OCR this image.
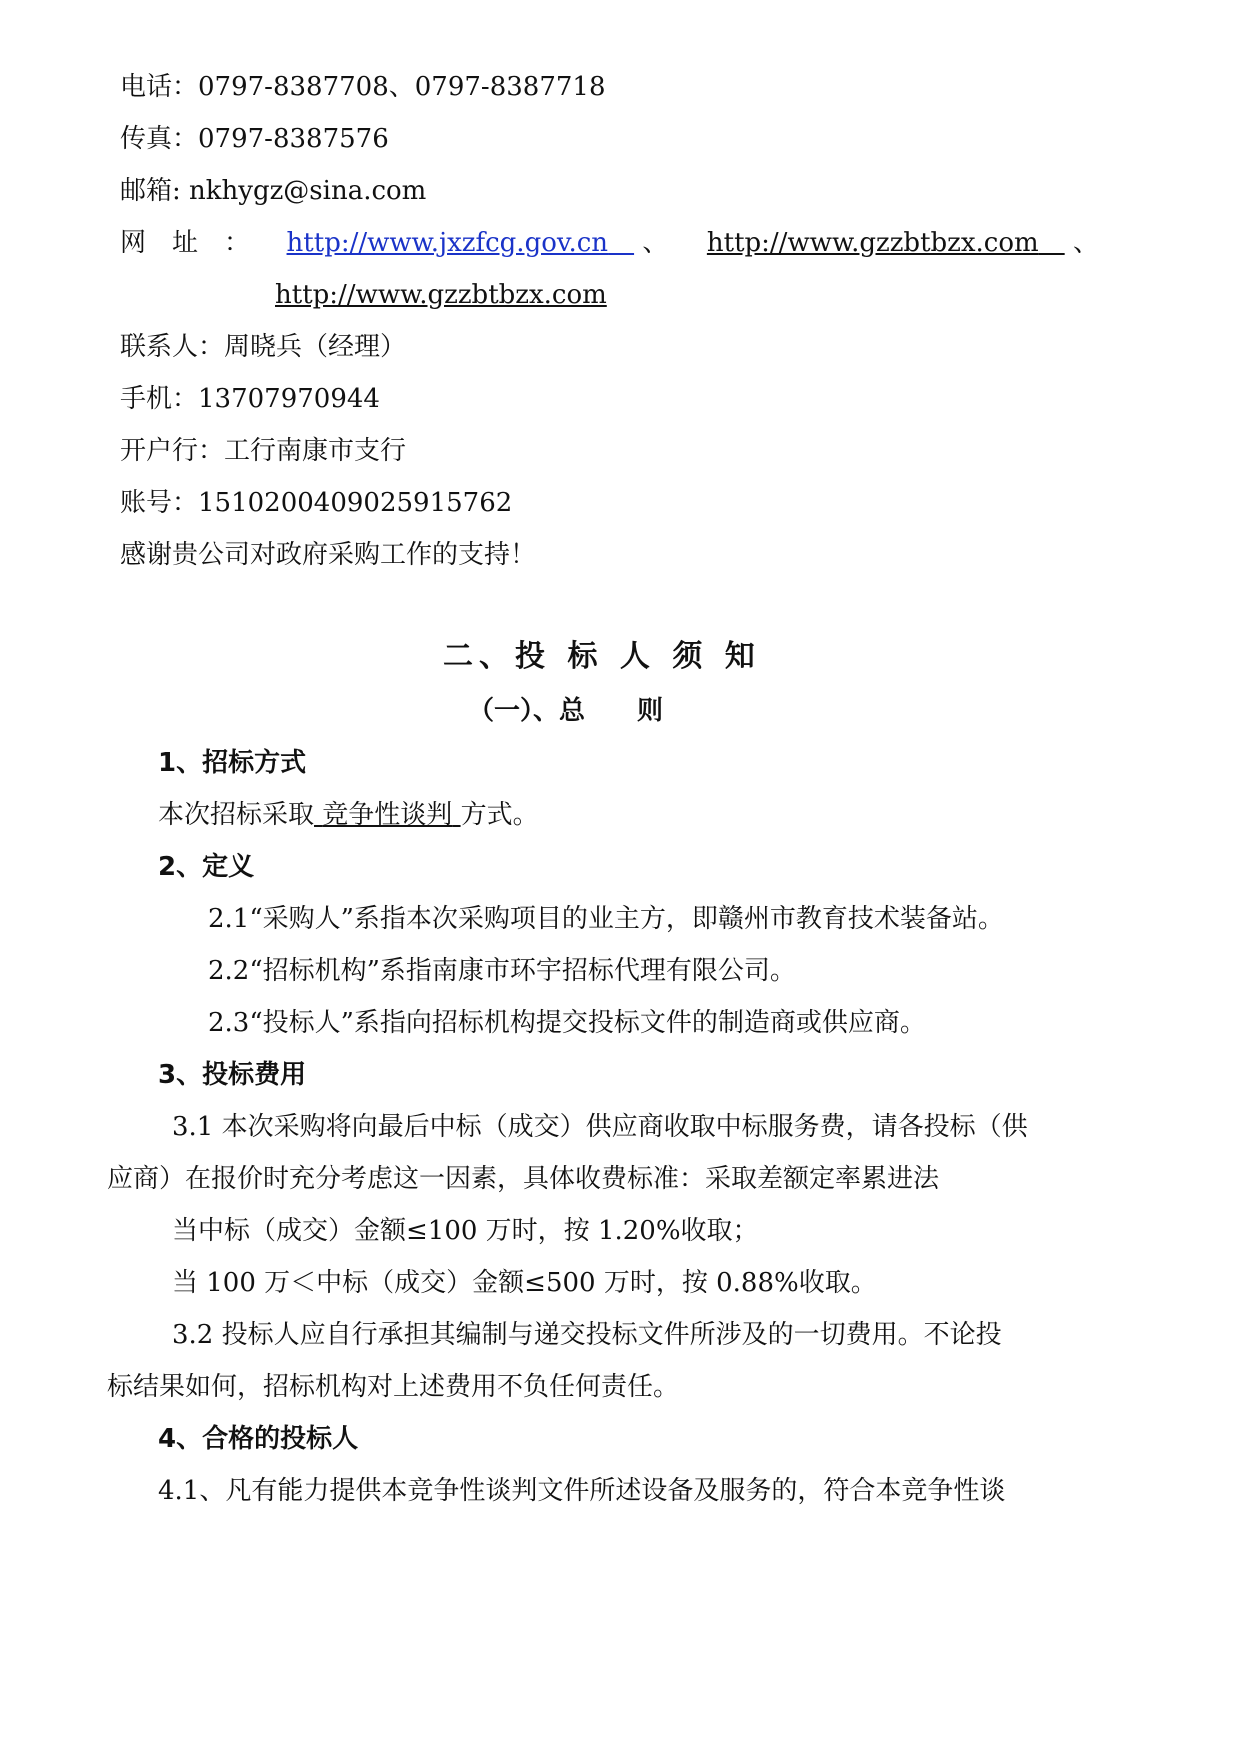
电话：0797-8387708、0797-8387718
传真：0797-8387576
邮箱: nkhygz@sina.com
网　址　： http://www.jxzfcg.gov.cn　 、 http://www.gzzbtbzx.com　 、
http://www.gzzbtbzx.com
联系人：周晓兵（经理）
手机：13707970944
开户行：工行南康市支行
账号：1510200409025915762
感谢贵公司对政府采购工作的支持！
二、投 标 人 须 知
（一）、总　　则
1、招标方式
本次招标采取 竞争性谈判 方式。
2、定义
2.1“采购人”系指本次采购项目的业主方，即赣州市教育技术装备站。
2.2“招标机构”系指南康市环宇招标代理有限公司。
2.3“投标人”系指向招标机构提交投标文件的制造商或供应商。
3、投标费用
3.1 本次采购将向最后中标（成交）供应商收取中标服务费，请各投标（供
应商）在报价时充分考虑这一因素，具体收费标准：采取差额定率累进法
当中标（成交）金额≤100 万时，按 1.20%收取；
当 100 万＜中标（成交）金额≤500 万时，按 0.88%收取。
3.2 投标人应自行承担其编制与递交投标文件所涉及的一切费用。不论投
标结果如何，招标机构对上述费用不负任何责任。
4、合格的投标人
4.1、凡有能力提供本竞争性谈判文件所述设备及服务的，符合本竞争性谈
